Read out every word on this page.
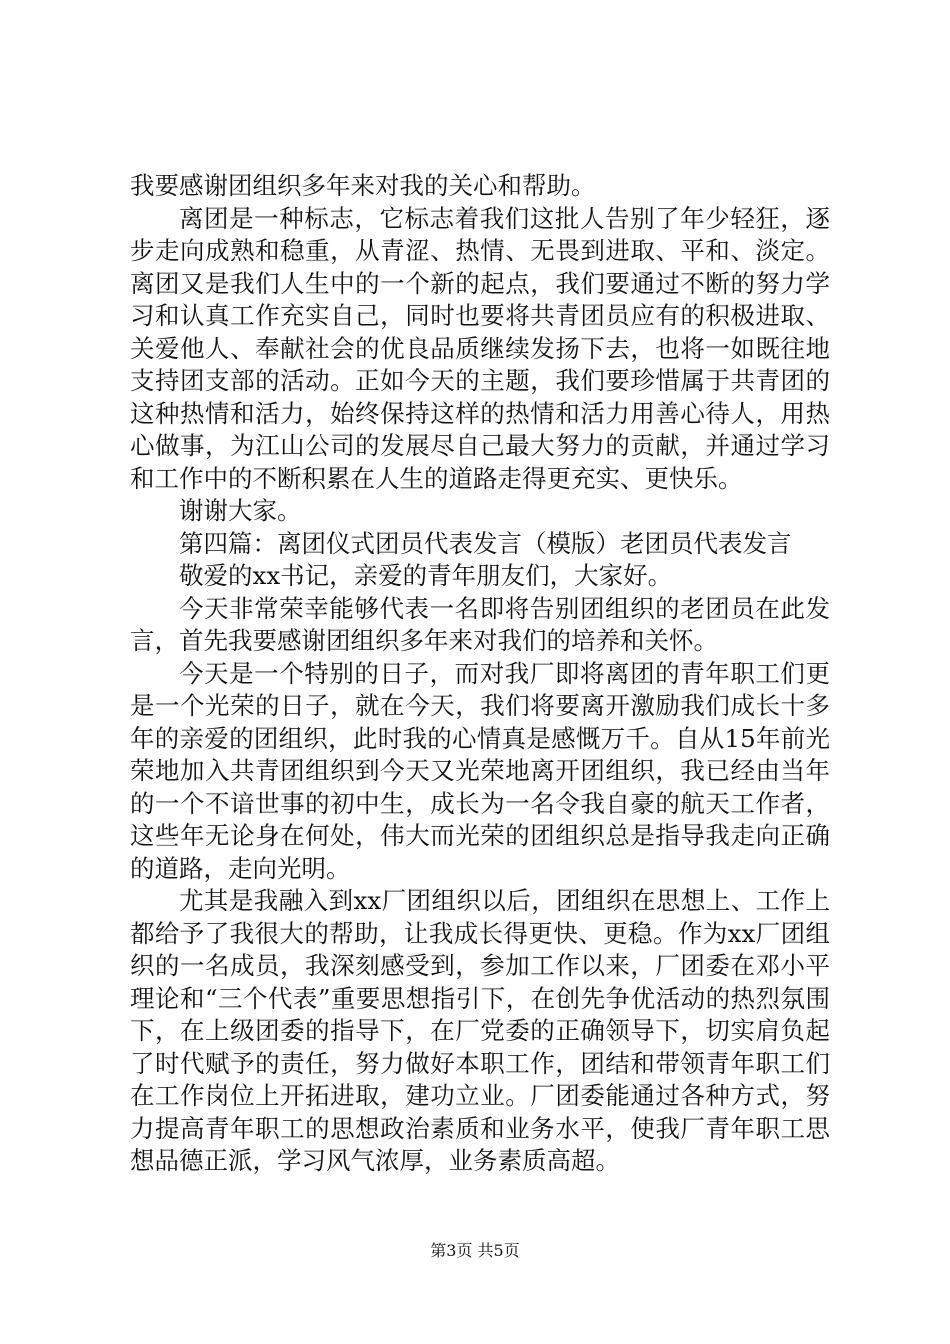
我要感谢团组织多年来对我的关心和帮助。

离团是一种标志，它标志着我们这批人告别了年少轻狂，逐步走向成熟和稳重，从青涩、热情、无畏到进取、平和、淡定。离团又是我们人生中的一个新的起点，我们要通过不断的努力学习和认真工作充实自己，同时也要将共青团员应有的积极进取、关爱他人、奉献社会的优良品质继续发扬下去，也将一如既往地支持团支部的活动。正如今天的主题，我们要珍惜属于共青团的这种热情和活力，始终保持这样的热情和活力用善心待人，用热心做事，为江山公司的发展尽自己最大努力的贡献，并通过学习和工作中的不断积累在人生的道路走得更充实、更快乐。

谢谢大家。

第四篇：离团仪式团员代表发言（模版）老团员代表发言

敬爱的xx书记，亲爱的青年朋友们，大家好。

今天非常荣幸能够代表一名即将告别团组织的老团员在此发言，首先我要感谢团组织多年来对我们的培养和关怀。

今天是一个特别的日子，而对我厂即将离团的青年职工们更是一个光荣的日子，就在今天，我们将要离开激励我们成长十多年的亲爱的团组织，此时我的心情真是感慨万千。自从15年前光荣地加入共青团组织到今天又光荣地离开团组织，我已经由当年的一个不谙世事的初中生，成长为一名令我自豪的航天工作者，这些年无论身在何处，伟大而光荣的团组织总是指导我走向正确的道路，走向光明。

尤其是我融入到xx厂团组织以后，团组织在思想上、工作上都给予了我很大的帮助，让我成长得更快、更稳。作为xx厂团组织的一名成员，我深刻感受到，参加工作以来，厂团委在邓小平理论和“三个代表”重要思想指引下，在创先争优活动的热烈氛围下，在上级团委的指导下，在厂党委的正确领导下，切实肩负起了时代赋予的责任，努力做好本职工作，团结和带领青年职工们在工作岗位上开拓进取，建功立业。厂团委能通过各种方式，努力提高青年职工的思想政治素质和业务水平，使我厂青年职工思想品德正派，学习风气浓厚，业务素质高超。

第3页 共5页
